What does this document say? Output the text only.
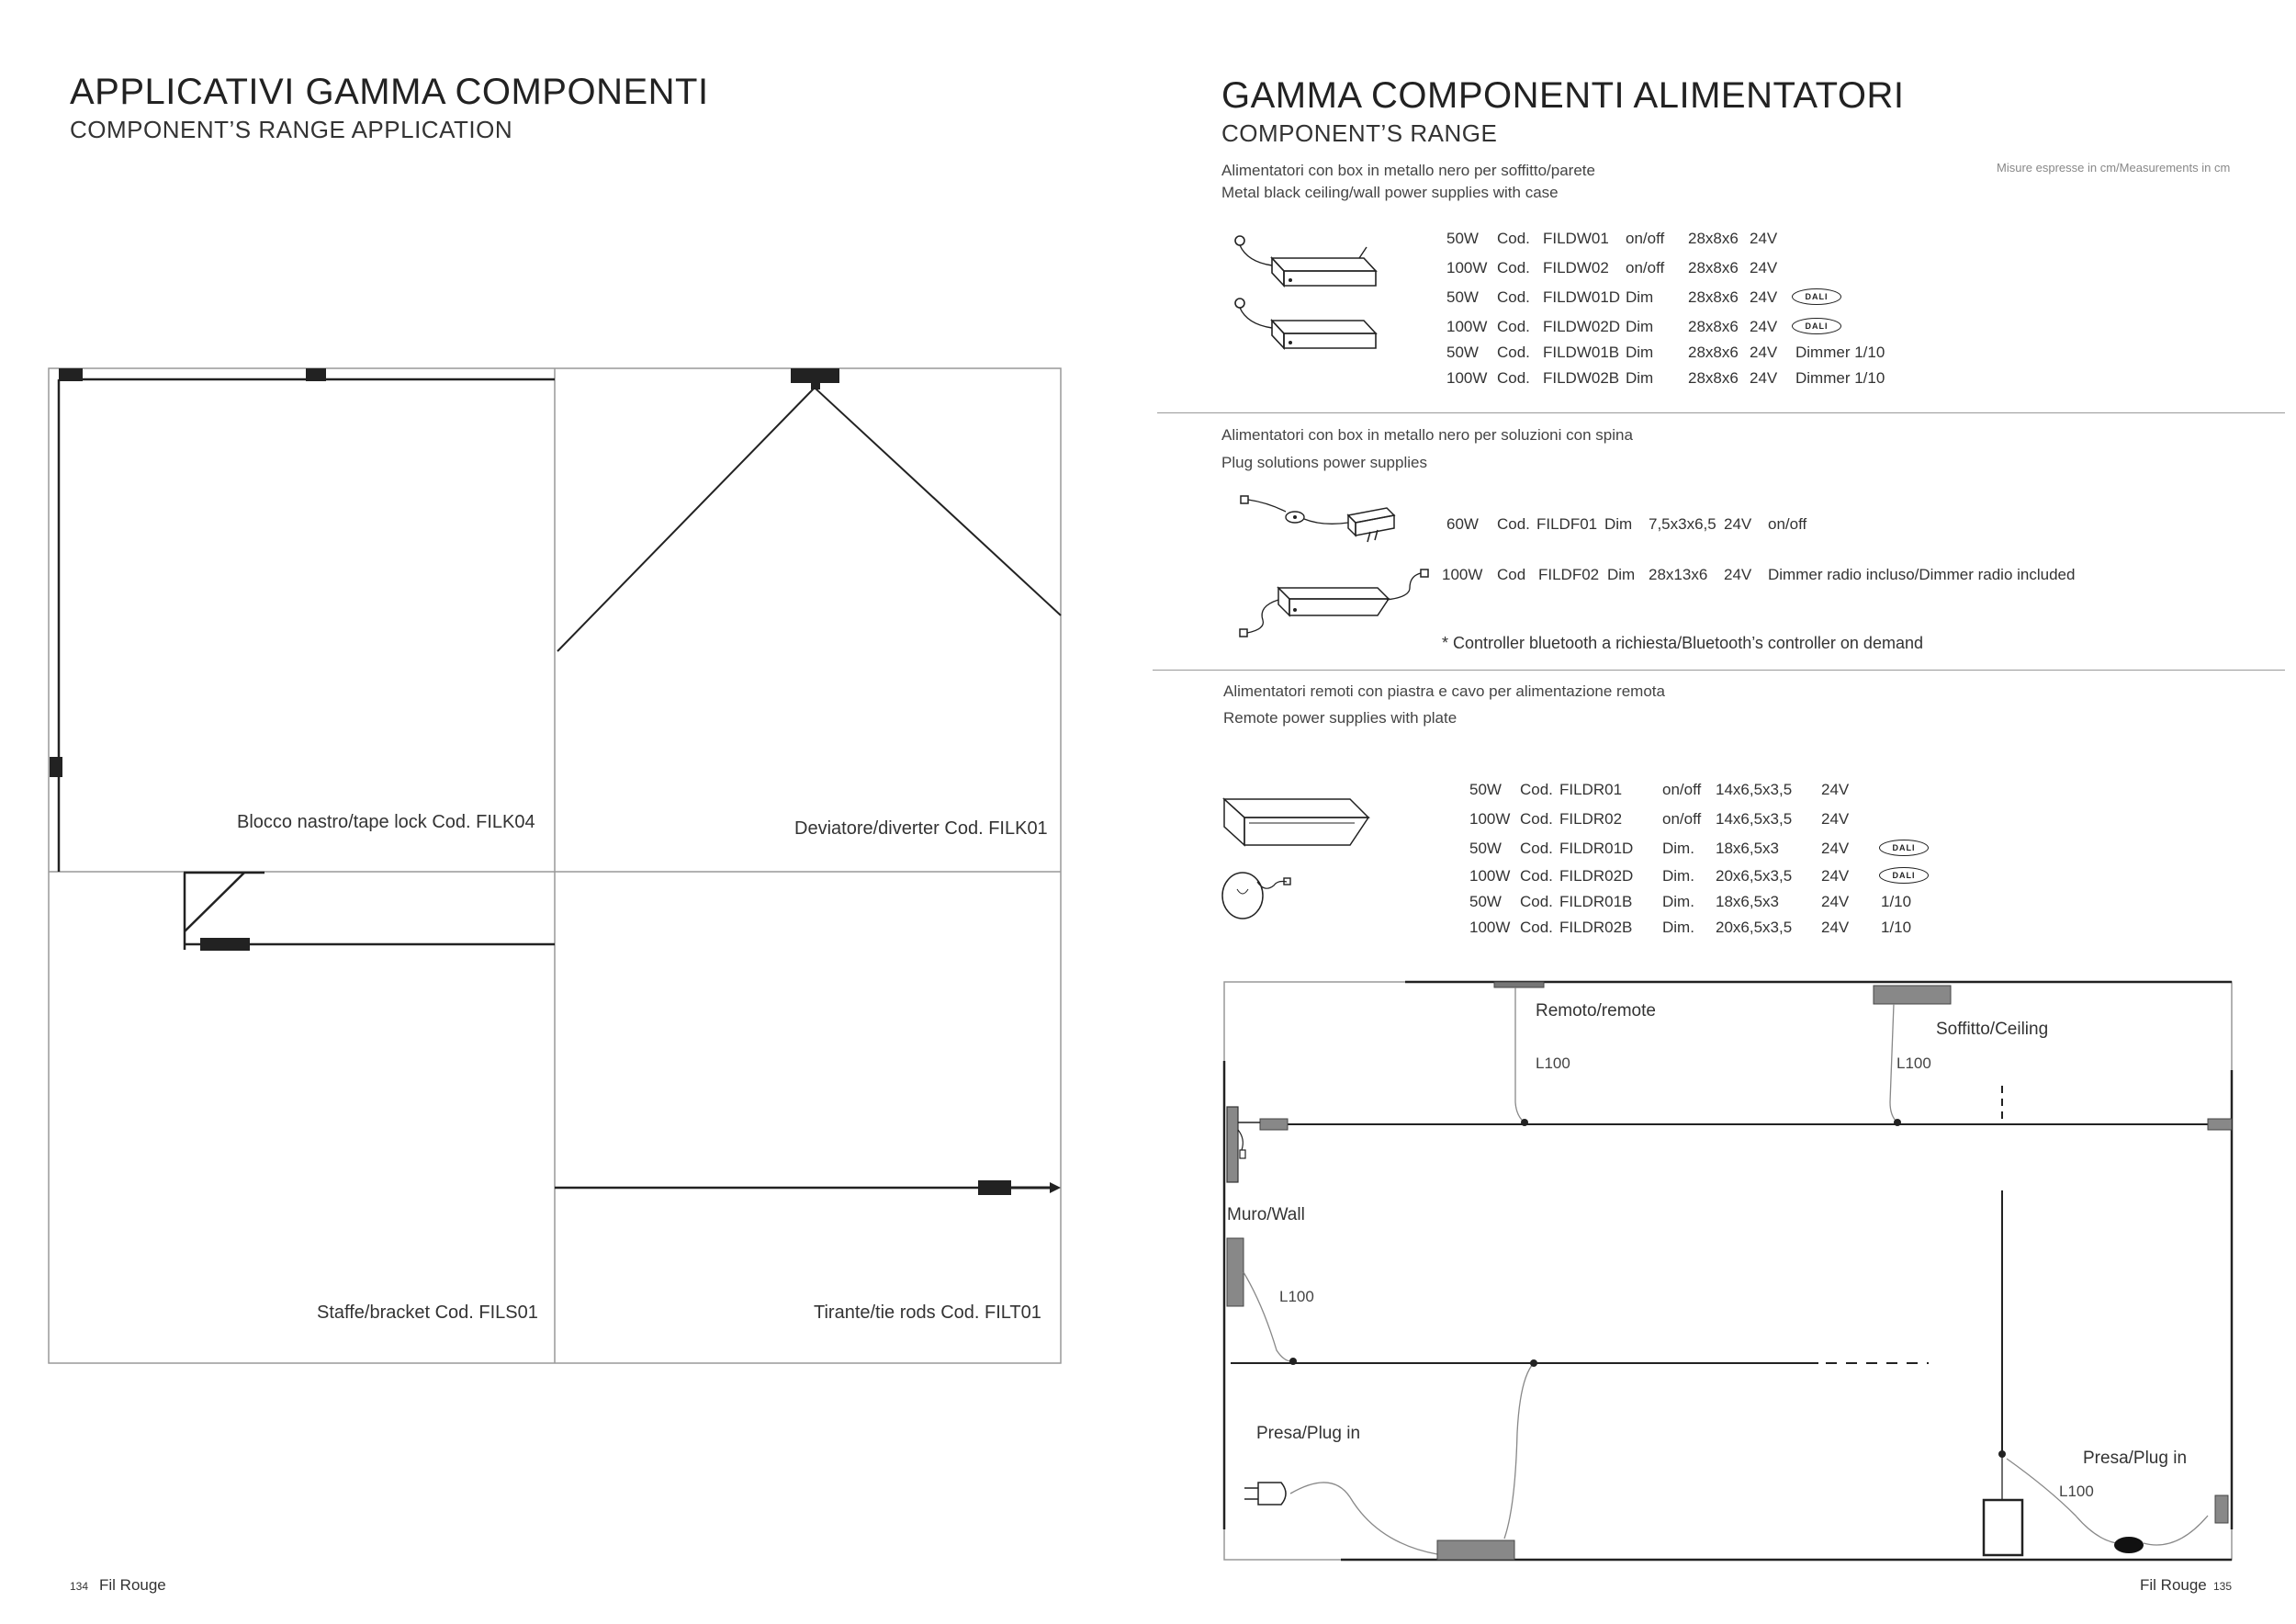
APPLICATIVI GAMMA COMPONENTI
COMPONENT’S RANGE APPLICATION
Blocco nastro/tape lock Cod. FILK04	Deviatore/diverter Cod. FILK01
Staffe/bracket Cod. FILS01	Tirante/tie rods Cod. FILT01
134 Fil Rouge
GAMMA COMPONENTI ALIMENTATORI
COMPONENT’S RANGE
Misure espresse in cm/Measurements in cm
Alimentatori con box in metallo nero per soffitto/parete
Metal black ceiling/wall power supplies with case
50W Cod. FILDW01 on/off 28x8x6 24V
100W Cod. FILDW02 on/off 28x8x6 24V
50W Cod. FILDW01D Dim 28x8x6 24V	DALI
100W Cod. FILDW02D Dim 28x8x6 24V	DALI
50W Cod. FILDW01B Dim 28x8x6 24V Dimmer 1/10
100W Cod. FILDW02B Dim 28x8x6 24V Dimmer 1/10
Alimentatori con box in metallo nero per soluzioni con spina
Plug solutions power supplies
60W Cod. FILDF01 Dim 7,5x3x6,5 24V on/off
100W Cod FILDF02 Dim 28x13x6 24V Dimmer radio incluso/Dimmer radio included
* Controller bluetooth a richiesta/Bluetooth’s controller on demand
Alimentatori remoti con piastra e cavo per alimentazione remota
Remote power supplies with plate
50W Cod. FILDR01	on/off 14x6,5x3,5 24V
100W Cod. FILDR02	on/off 14x6,5x3,5 24V
50W Cod. FILDR01D Dim. 18x6,5x3	24V	DALI
100W Cod. FILDR02D Dim. 20x6,5x3,5 24V	DALI
50W Cod. FILDR01B Dim. 18x6,5x3	24V 1/10
100W Cod. FILDR02B Dim. 20x6,5x3,5 24V 1/10
Remoto/remote
Soffitto/Ceiling
Muro/Wall
Presa/Plug in
Presa/Plug in
L100	L100
L100
L100
Fil Rouge 135
